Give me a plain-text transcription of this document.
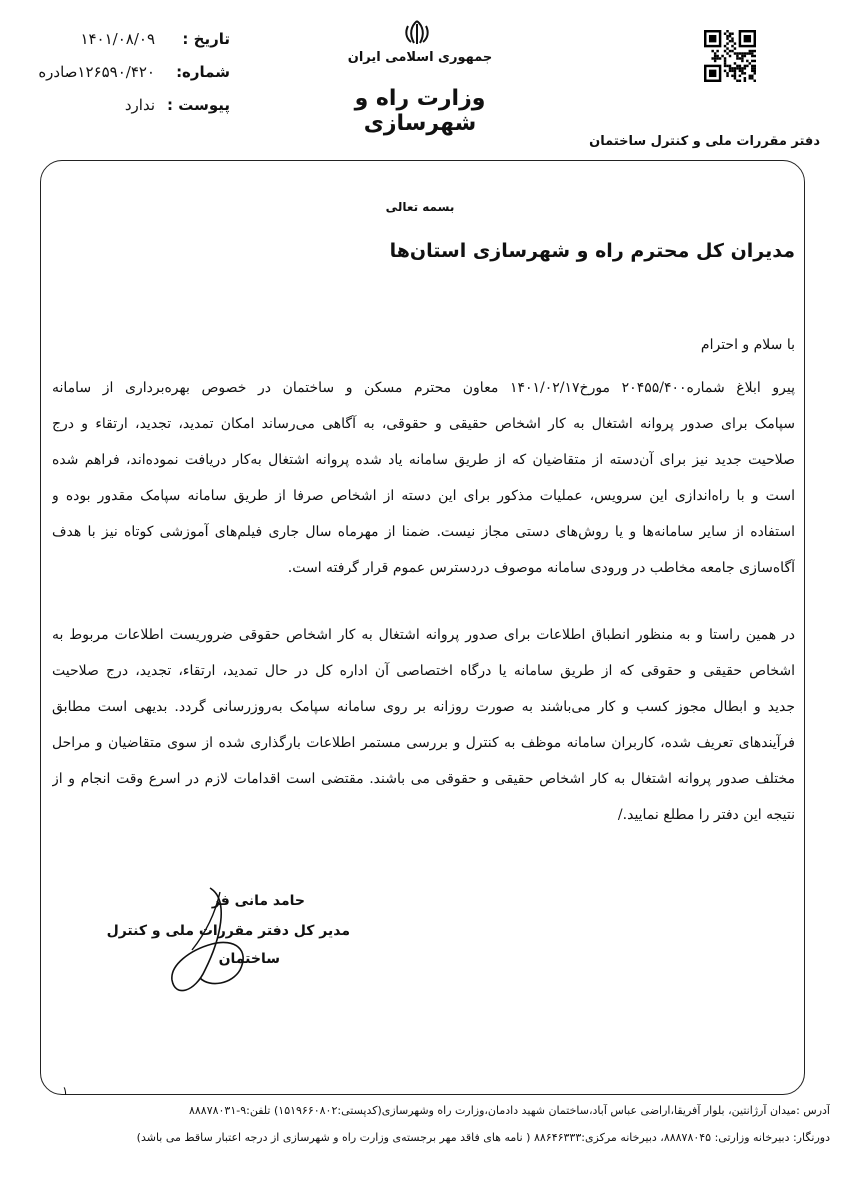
تاریخ :
۱۴۰۱/۰۸/۰۹
شماره:
۱۲۶۵۹۰/۴۲۰صادره
پیوست :
ندارد
جمهوری اسلامی ایران
وزارت راه و شهرسازی
دفتر مقررات ملی و کنترل ساختمان
بسمه تعالی
مدیران کل محترم راه و شهرسازی استان‌ها
با سلام و احترام
پیرو ابلاغ شماره۲۰۴۵۵/۴۰۰ مورخ۱۴۰۱/۰۲/۱۷ معاون محترم مسکن و ساختمان در خصوص بهره‌برداری از سامانه
سپامک برای صدور پروانه اشتغال به کار اشخاص حقیقی و حقوقی، به آگاهی می‌رساند امکان تمدید، تجدید، ارتقاء و درج
صلاحیت جدید نیز برای آن‌دسته از متقاضیان که از طریق سامانه یاد شده پروانه اشتغال به‌کار دریافت نموده‌اند، فراهم شده
است و با راه‌اندازی این سرویس، عملیات مذکور برای این دسته از اشخاص صرفا از طریق سامانه سپامک مقدور بوده و
استفاده از سایر سامانه‌ها و یا روش‌های دستی مجاز نیست. ضمنا از مهرماه سال جاری فیلم‌های آموزشی کوتاه نیز با هدف
آگاه‌سازی جامعه مخاطب در ورودی سامانه موصوف دردسترس عموم قرار گرفته است.
در همین راستا و به منظور انطباق اطلاعات برای صدور پروانه اشتغال به کار اشخاص حقوقی ضروریست اطلاعات مربوط به
اشخاص حقیقی و حقوقی که از طریق سامانه یا درگاه اختصاصی آن اداره کل در حال تمدید، ارتقاء، تجدید، درج صلاحیت
جدید و ابطال مجوز کسب و کار می‌باشند به صورت روزانه بر روی سامانه سپامک به‌روزرسانی گردد. بدیهی است مطابق
فرآیندهای تعریف شده، کاربران سامانه موظف به کنترل و بررسی مستمر اطلاعات بارگذاری شده از سوی متقاضیان و مراحل
مختلف صدور پروانه اشتغال به کار اشخاص حقیقی و حقوقی می باشند. مقتضی است اقدامات لازم در اسرع وقت انجام و از
نتیجه این دفتر را مطلع نمایید./
حامد مانی فر
مدیر کل دفتر مقررات ملی و کنترل
ساختمان
۱
آدرس :میدان آرژانتین، بلوار آفریقا،اراضی عباس آباد،ساختمان شهید دادمان،وزارت راه وشهرسازی(کدپستی:۱۵۱۹۶۶۰۸۰۲) تلفن:۹-۸۸۸۷۸۰۳۱
دورنگار: دبیرخانه وزارتی: ۸۸۸۷۸۰۴۵، دبیرخانه مرکزی:۸۸۶۴۶۳۳۳ ( نامه های فاقد مهر برجسته‌ی وزارت راه و شهرسازی از درجه اعتبار ساقط می باشد)
